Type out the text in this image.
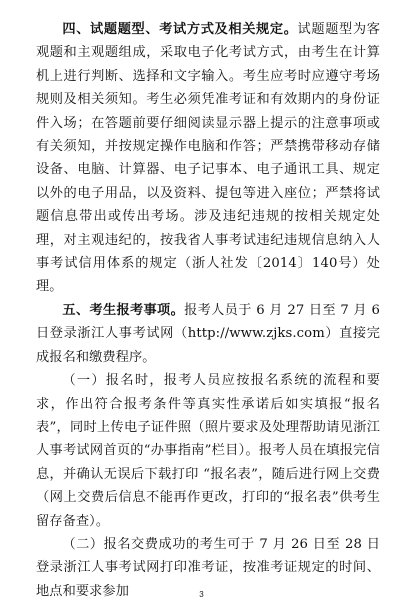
四、试题题型、考试方式及相关规定。试题题型为客观题和主观题组成，采取电子化考试方式，由考生在计算机上进行判断、选择和文字输入。考生应考时应遵守考场规则及相关须知。考生必须凭准考证和有效期内的身份证件入场；在答题前要仔细阅读显示器上提示的注意事项或有关须知，并按规定操作电脑和作答；严禁携带移动存储设备、电脑、计算器、电子记事本、电子通讯工具、规定以外的电子用品，以及资料、提包等进入座位；严禁将试题信息带出或传出考场。涉及违纪违规的按相关规定处理，对主观违纪的，按我省人事考试违纪违规信息纳入人事考试信用体系的规定（浙人社发〔2014〕140号）处理。

五、考生报考事项。报考人员于 6 月 27 日至 7 月 6 日登录浙江人事考试网（http://www.zjks.com）直接完成报名和缴费程序。

（一）报名时，报考人员应按报名系统的流程和要求，作出符合报考条件等真实性承诺后如实填报“报名表”，同时上传电子证件照（照片要求及处理帮助请见浙江人事考试网首页的“办事指南”栏目）。报考人员在填报完信息，并确认无误后下载打印 “报名表”，随后进行网上交费（网上交费后信息不能再作更改，打印的“报名表”供考生留存备查）。

（二）报名交费成功的考生可于 7 月 26 日至 28 日登录浙江人事考试网打印准考证，按准考证规定的时间、地点和要求参加	3
